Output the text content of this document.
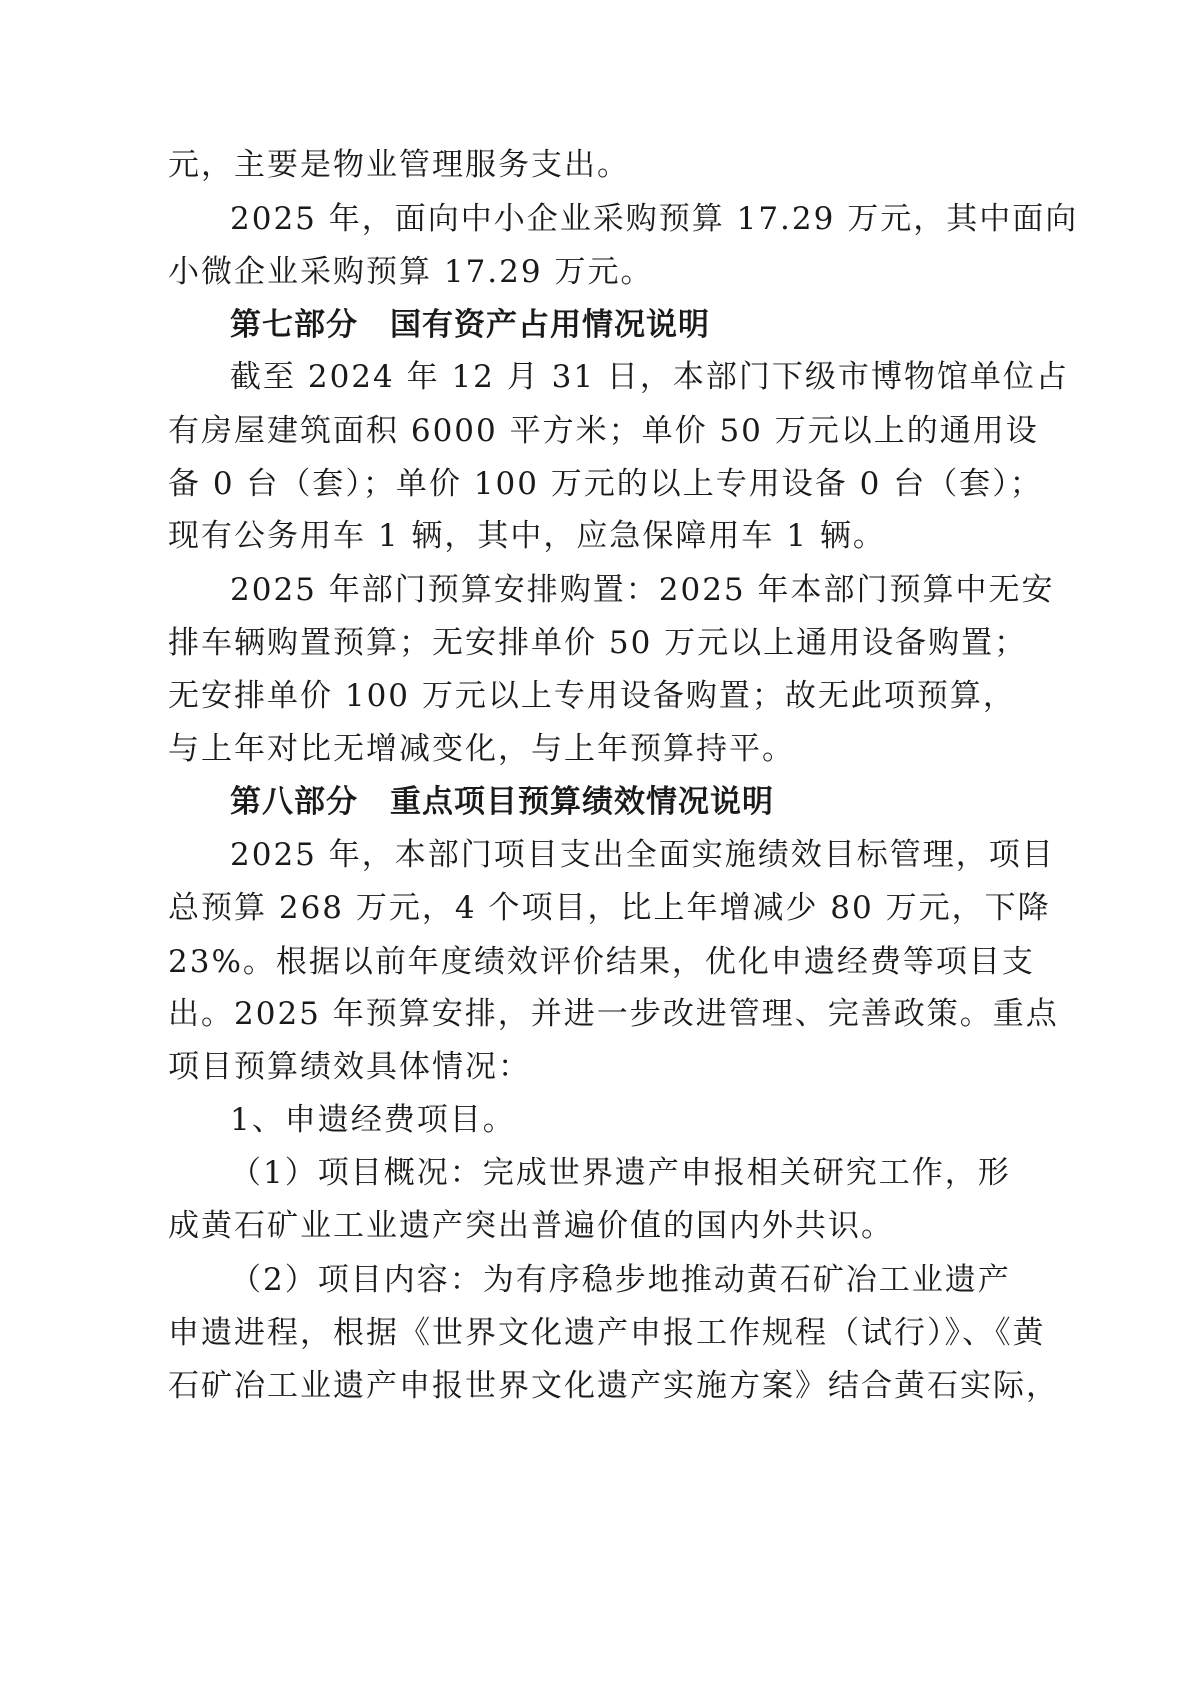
元，主要是物业管理服务支出。
2025 年，面向中小企业采购预算 17.29 万元，其中面向
小微企业采购预算 17.29 万元。
第七部分　国有资产占用情况说明
截至 2024 年 12 月 31 日，本部门下级市博物馆单位占
有房屋建筑面积 6000 平方米；单价 50 万元以上的通用设
备 0 台（套）；单价 100 万元的以上专用设备 0 台（套）；
现有公务用车 1 辆，其中，应急保障用车 1 辆。
2025 年部门预算安排购置：2025 年本部门预算中无安
排车辆购置预算；无安排单价 50 万元以上通用设备购置；
无安排单价 100 万元以上专用设备购置；故无此项预算，
与上年对比无增减变化，与上年预算持平。
第八部分　重点项目预算绩效情况说明
2025 年，本部门项目支出全面实施绩效目标管理，项目
总预算 268 万元，4 个项目，比上年增减少 80 万元，下降
23%。根据以前年度绩效评价结果，优化申遗经费等项目支
出。2025 年预算安排，并进一步改进管理、完善政策。重点
项目预算绩效具体情况：
1、申遗经费项目。
（1）项目概况：完成世界遗产申报相关研究工作，形
成黄石矿业工业遗产突出普遍价值的国内外共识。
（2）项目内容：为有序稳步地推动黄石矿冶工业遗产
申遗进程，根据《世界文化遗产申报工作规程（试行）》、《黄
石矿冶工业遗产申报世界文化遗产实施方案》结合黄石实际，
